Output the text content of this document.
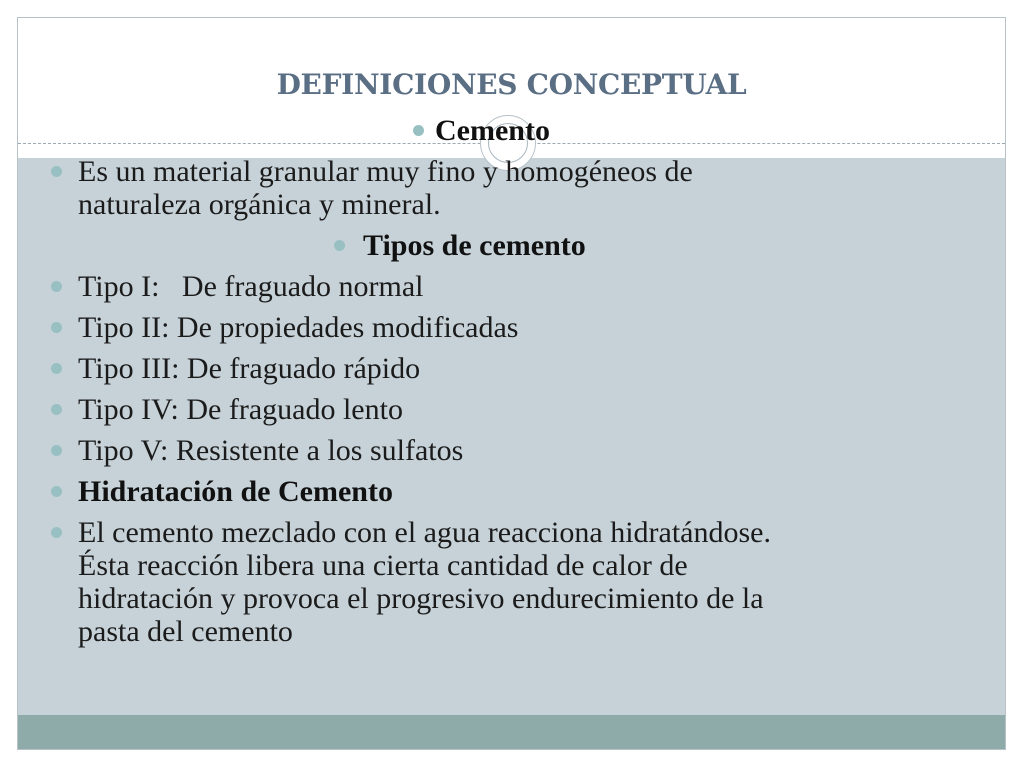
DEFINICIONES CONCEPTUAL
Cemento
Es un material granular muy fino y homogéneos de
naturaleza orgánica y mineral.
Tipos de cemento
Tipo I:   De fraguado normal
Tipo II: De propiedades modificadas
Tipo III: De fraguado rápido
Tipo IV: De fraguado lento
Tipo V: Resistente a los sulfatos
Hidratación de Cemento
El cemento mezclado con el agua reacciona hidratándose.
Ésta reacción libera una cierta cantidad de calor de
hidratación y provoca el progresivo endurecimiento de la
pasta del cemento
